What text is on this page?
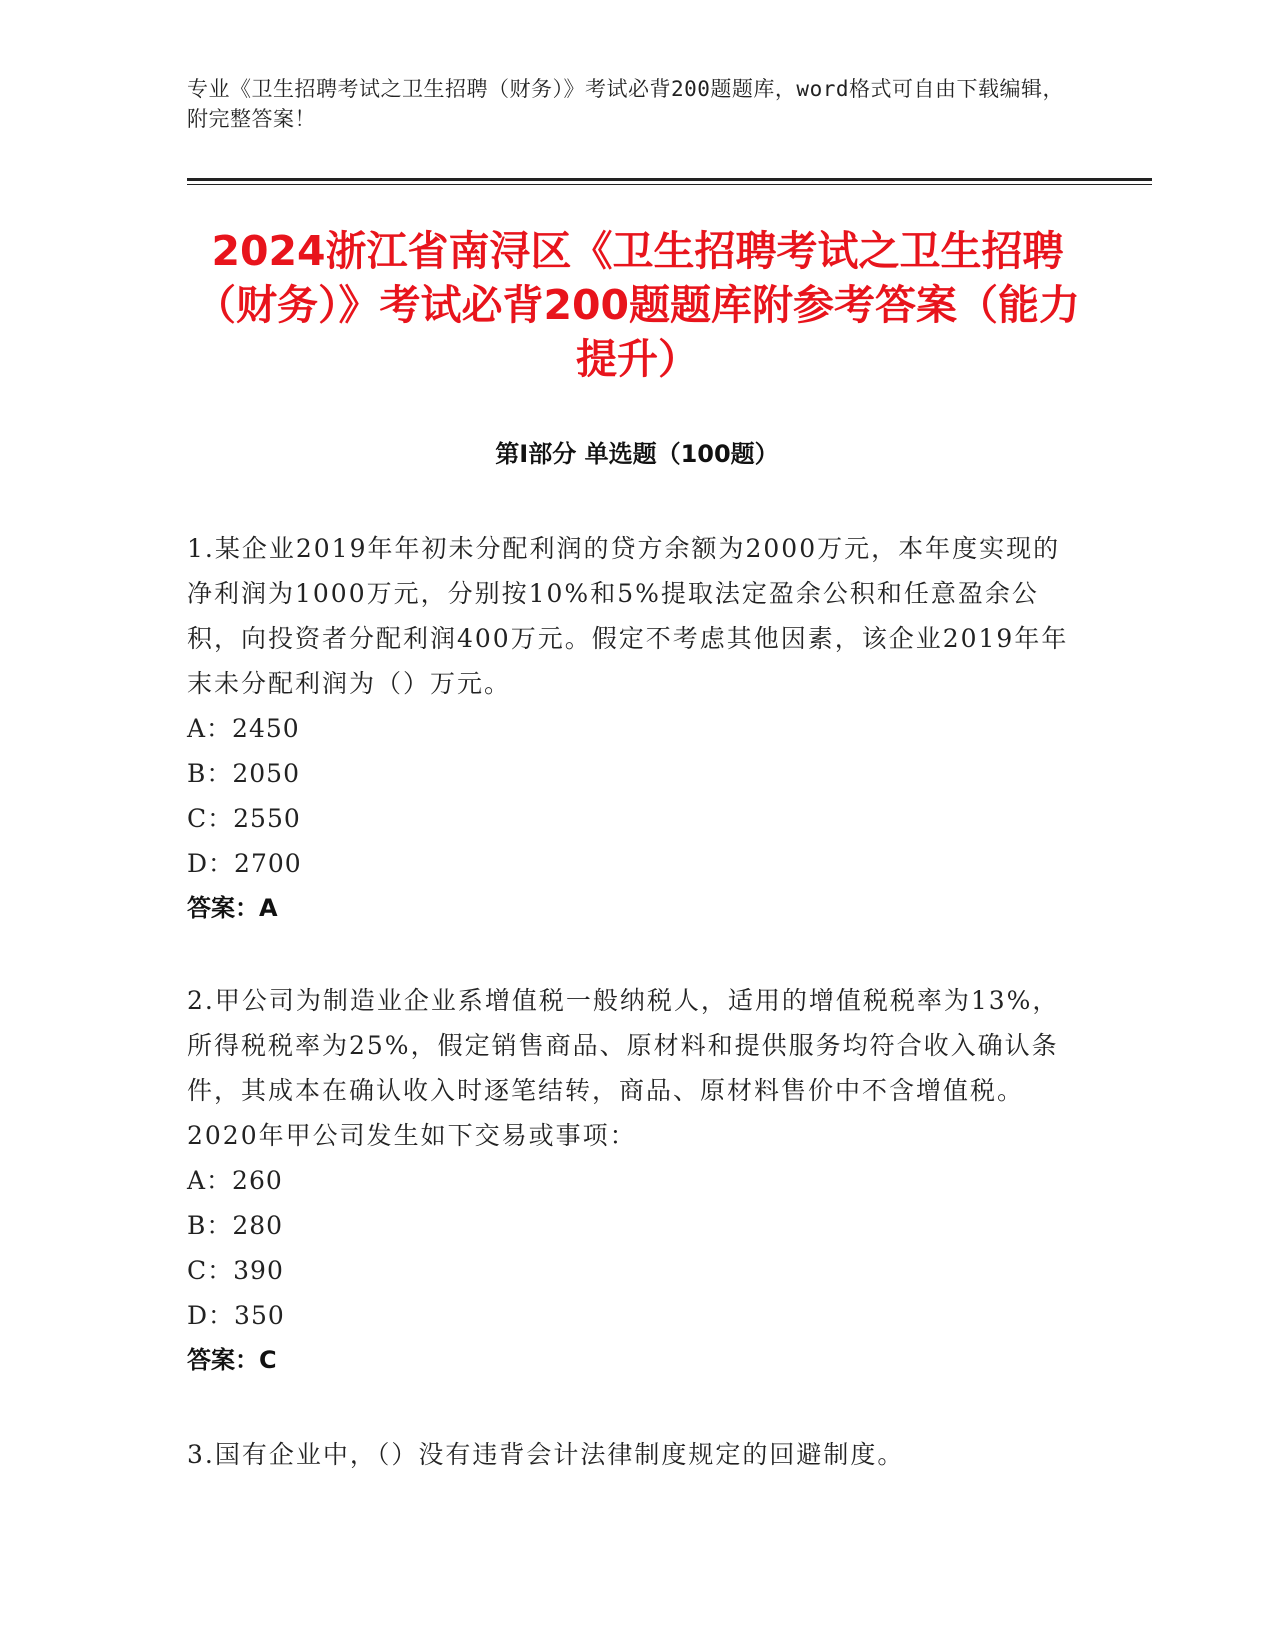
专业《卫生招聘考试之卫生招聘（财务）》考试必背200题题库，word格式可自由下载编辑，附完整答案！
2024浙江省南浔区《卫生招聘考试之卫生招聘（财务）》考试必背200题题库附参考答案（能力提升）
第I部分 单选题（100题）
1.某企业2019年年初未分配利润的贷方余额为2000万元，本年度实现的净利润为1000万元，分别按10%和5%提取法定盈余公积和任意盈余公积，向投资者分配利润400万元。假定不考虑其他因素，该企业2019年年末未分配利润为（）万元。
A：2450
B：2050
C：2550
D：2700
答案：A
2.甲公司为制造业企业系增值税一般纳税人，适用的增值税税率为13%，所得税税率为25%，假定销售商品、原材料和提供服务均符合收入确认条件，其成本在确认收入时逐笔结转，商品、原材料售价中不含增值税。2020年甲公司发生如下交易或事项：
A：260
B：280
C：390
D：350
答案：C
3.国有企业中，（）没有违背会计法律制度规定的回避制度。
